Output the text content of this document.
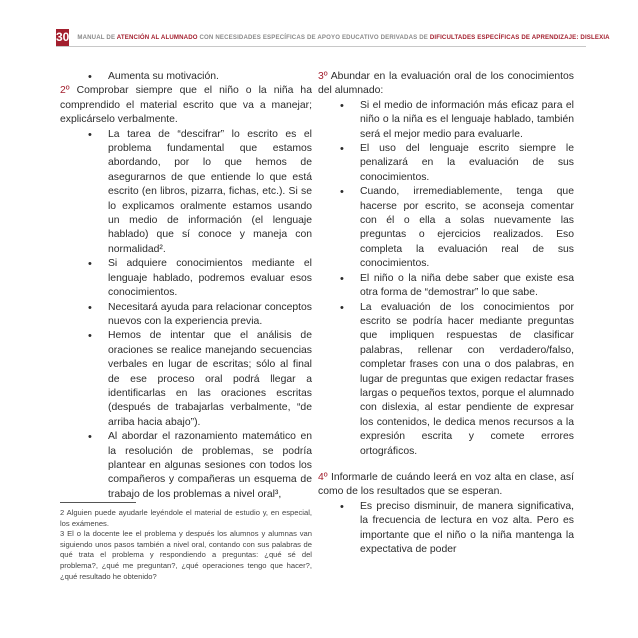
30 MANUAL DE ATENCIÓN AL ALUMNADO CON NECESIDADES ESPECÍFICAS DE APOYO EDUCATIVO DERIVADAS DE DIFICULTADES ESPECÍFICAS DE APRENDIZAJE: DISLEXIA
• Aumenta su motivación.

2º Comprobar siempre que el niño o la niña ha comprendido el material escrito que va a manejar; explicárselo verbalmente.

• La tarea de “descifrar” lo escrito es el problema fundamental que estamos abordando, por lo que hemos de asegurarnos de que entiende lo que está escrito (en libros, pizarra, fichas, etc.). Si se lo explicamos oralmente estamos usando un medio de información (el lenguaje hablado) que sí conoce y maneja con normalidad².
• Si adquiere conocimientos mediante el lenguaje hablado, podremos evaluar esos conocimientos.
• Necesitará ayuda para relacionar conceptos nuevos con la experiencia previa.
• Hemos de intentar que el análisis de oraciones se realice manejando secuencias verbales en lugar de escritas; sólo al final de ese proceso oral podrá llegar a identificarlas en las oraciones escritas (después de trabajarlas verbalmente, “de arriba hacia abajo”).
• Al abordar el razonamiento matemático en la resolución de problemas, se podría plantear en algunas sesiones con todos los compañeros y compañeras un esquema de trabajo de los problemas a nivel oral³,

2 Alguien puede ayudarle leyéndole el material de estudio y, en especial, los exámenes.

3 El o la docente lee el problema y después los alumnos y alumnas van siguiendo unos pasos también a nivel oral, contando con sus palabras de qué trata el problema y respondiendo a preguntas: ¿qué sé del problema?, ¿qué me preguntan?, ¿qué operaciones tengo que hacer?, ¿qué resultado he obtenido?

3º Abundar en la evaluación oral de los conocimientos del alumnado:

• Si el medio de información más eficaz para el niño o la niña es el lenguaje hablado, también será el mejor medio para evaluarle.
• El uso del lenguaje escrito siempre le penalizará en la evaluación de sus conocimientos.
• Cuando, irremediablemente, tenga que hacerse por escrito, se aconseja comentar con él o ella a solas nuevamente las preguntas o ejercicios realizados. Eso completa la evaluación real de sus conocimientos.
• El niño o la niña debe saber que existe esa otra forma de “demostrar” lo que sabe.
• La evaluación de los conocimientos por escrito se podría hacer mediante preguntas que impliquen respuestas de clasificar palabras, rellenar con verdadero/falso, completar frases con una o dos palabras, en lugar de preguntas que exigen redactar frases largas o pequeños textos, porque el alumnado con dislexia, al estar pendiente de expresar los contenidos, le dedica menos recursos a la expresión escrita y comete errores ortográficos.

4º Informarle de cuándo leerá en voz alta en clase, así como de los resultados que se esperan.

• Es preciso disminuir, de manera significativa, la frecuencia de lectura en voz alta. Pero es importante que el niño o la niña mantenga la expectativa de poder
